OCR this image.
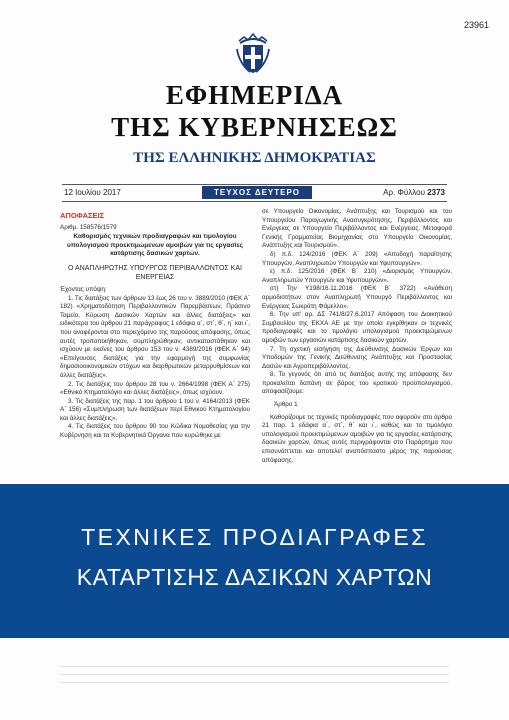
23961
ΕΦΗΜΕΡΙΔΑ
ΤΗΣ ΚΥΒΕΡΝΗΣΕΩΣ
ΤΗΣ ΕΛΛΗΝΙΚΗΣ ΔΗΜΟΚΡΑΤΙΑΣ
12 Ιουλίου 2017	ΤΕΥΧΟΣ ΔΕΥΤΕΡΟ	Αρ. Φύλλου 2373

ΑΠΟΦΑΣΕΙΣ

Αριθμ. 158576/1579

Καθορισμός τεχνικών προδιαγραφών και τιμολογίου υπολογισμού προεκτιμώμενων αμοιβών για τις εργασίες κατάρτισης δασικών χαρτών.

Ο ΑΝΑΠΛΗΡΩΤΗΣ ΥΠΟΥΡΓΟΣ ΠΕΡΙΒΑΛΛΟΝΤΟΣ ΚΑΙ ΕΝΕΡΓΕΙΑΣ

Έχοντας υπόψη:

1. Τις διατάξεις των άρθρων 13 έως 26 του ν. 3889/2010 (ΦΕΚ Α΄ 182) «Χρηματοδότηση Περιβαλλοντικών Παρεμβάσεων, Πράσινο Ταμείο, Κύρωση Δασικών Χαρτών και άλλες διατάξεις» και ειδικότερα του άρθρου 21 παράγραφος 1 εδάφια α΄, στ΄, θ΄, η΄ και ι΄, που αναφέρονται στο περιεχόμενο της παρούσας απόφασης, όπως αυτές τροποποιήθηκαν, συμπληρώθηκαν, αντικαταστάθηκαν και ισχύουν με εκείνες του άρθρου 153 του ν. 4389/2016 (ΦΕΚ Α΄ 94) «Επείγουσες διατάξεις για την εφαρμογή της συμφωνίας δημοσιοοικονομικών στόχων και διαρθρωτικών μεταρρυθμίσεων και άλλες διατάξεις».

2. Τις διατάξεις του άρθρου 28 του ν. 2664/1998 (ΦΕΚ Α΄ 275) «Εθνικό Κτηματολόγιο και άλλες διατάξεις», όπως ισχύουν.

3. Τις διατάξεις της παρ. 1 του άρθρου 1 του ν. 4164/2013 (ΦΕΚ Α΄ 156) «Συμπλήρωση των διατάξεων περί Εθνικού Κτηματολογίου και άλλες διατάξεις».

4. Τις διατάξεις του άρθρου 90 του Κώδικα Νομοθεσίας για την Κυβέρνηση και τα Κυβερνητικά Όργανα που κυρώθηκε με

σε Υπουργείο Οικονομίας, Ανάπτυξης και Τουρισμού και του Υπουργείου Παραγωγικής Ανασυγκρότησης, Περιβάλλοντος και Ενέργειας σε Υπουργείο Περιβάλλοντος και Ενέργειας. Μεταφορά Γενικής Γραμματείας Βιομηχανίας στο Υπουργείο Οικονομίας, Ανάπτυξης και Τουρισμού».

δ) π.δ. 124/2016 (ΦΕΚ Α΄ 209) «Αποδοχή παραίτησης Υπουργών, Αναπληρωτών Υπουργών και Υφυπουργών».

ε) π.δ. 125/2016 (ΦΕΚ Β΄ 210) «Διορισμός Υπουργών, Αναπληρωτών Υπουργών και Υφυπουργών».

στ) Την Υ198/16.11.2016 (ΦΕΚ Β΄ 3722) «Ανάθεση αρμοδιοτήτων στον Αναπληρωτή Υπουργό Περιβάλλοντος και Ενέργειας Σωκράτη Φάμελλο».

6. Την υπ' αρ. ΔΣ 741/8/27.6.2017 Απόφαση του Διοικητικού Συμβουλίου της ΕΚΧΑ ΑΕ με την οποία εγκρίθηκαν οι τεχνικές προδιαγραφές και το τιμολόγιο υπολογισμού προεκτιμώμενων αμοιβών των εργασιών κατάρτισης δασικών χαρτών.

7. Τη σχετική εισήγηση της Διεύθυνσης Δασικών Έργων και Υποδομών της Γενικής Διεύθυνσης Ανάπτυξης και Προστασίας Δασών και Αγροπεριβάλλοντος.

8. Το γεγονός ότι από τις διατάξεις αυτής της απόφασης δεν προκαλείται δαπάνη σε βάρος του κρατικού προϋπολογισμού, αποφασίζουμε:

Άρθρο 1

Καθορίζουμε τις τεχνικές προδιαγραφές που αφορούν στο άρθρο 21 παρ. 1 εδάφια α΄, στ΄, θ΄ και ι΄, καθώς και το τιμολόγιο υπολογισμού προεκτιμώμενων αμοιβών για τις εργασίες κατάρτισης δασικών χαρτών, όπως αυτές περιγράφονται στο Παράρτημα που επισυνάπτεται και αποτελεί αναπόσπαστο μέρος της παρούσας απόφασης.

ΤΕΧΝΙΚΕΣ ΠΡΟΔΙΑΓΡΑΦΕΣ
ΚΑΤΑΡΤΙΣΗΣ ΔΑΣΙΚΩΝ ΧΑΡΤΩΝ
